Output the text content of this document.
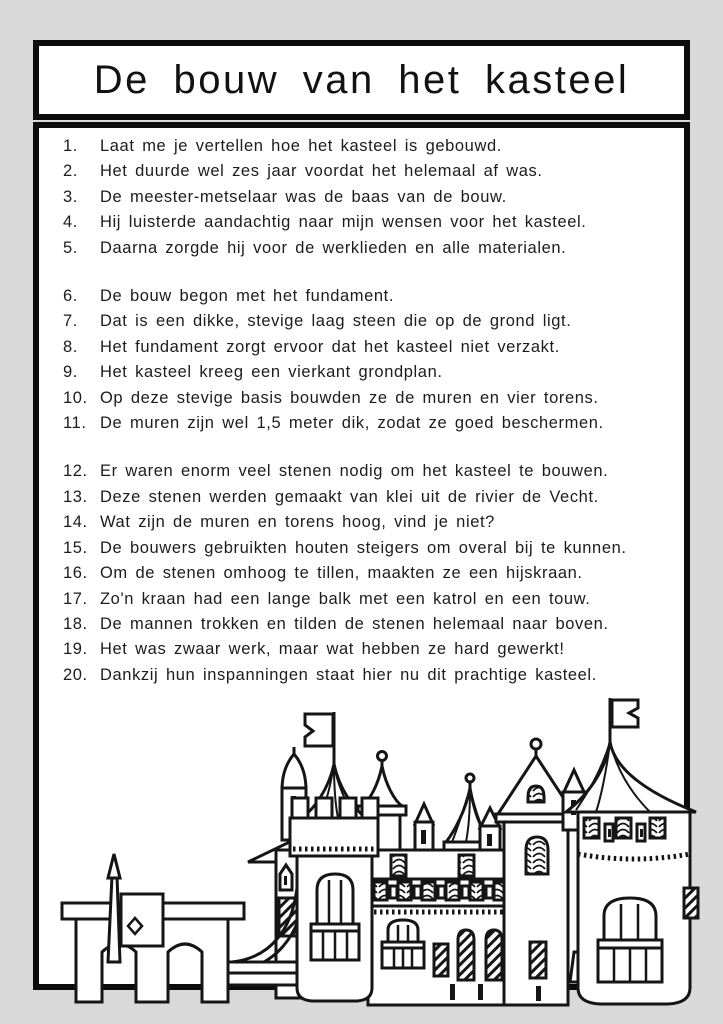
De bouw van het kasteel
1.	Laat me je vertellen hoe het kasteel is gebouwd.
2.	Het duurde wel zes jaar voordat het helemaal af was.
3.	De meester-metselaar was de baas van de bouw.
4.	Hij luisterde aandachtig naar mijn wensen voor het kasteel.
5.	Daarna zorgde hij voor de werklieden en alle materialen.
6.	De bouw begon met het fundament.
7.	Dat is een dikke, stevige laag steen die op de grond ligt.
8.	Het fundament zorgt ervoor dat het kasteel niet verzakt.
9.	Het kasteel kreeg een vierkant grondplan.
10. Op deze stevige basis bouwden ze de muren en vier torens.
11. De muren zijn wel 1,5 meter dik, zodat ze goed beschermen.
12. Er waren enorm veel stenen nodig om het kasteel te bouwen.
13. Deze stenen werden gemaakt van klei uit de rivier de Vecht.
14. Wat zijn de muren en torens hoog, vind je niet?
15. De bouwers gebruikten houten steigers om overal bij te kunnen.
16. Om de stenen omhoog te tillen, maakten ze een hijskraan.
17. Zo'n kraan had een lange balk met een katrol en een touw.
18. De mannen trokken en tilden de stenen helemaal naar boven.
19. Het was zwaar werk, maar wat hebben ze hard gewerkt!
20. Dankzij hun inspanningen staat hier nu dit prachtige kasteel.
